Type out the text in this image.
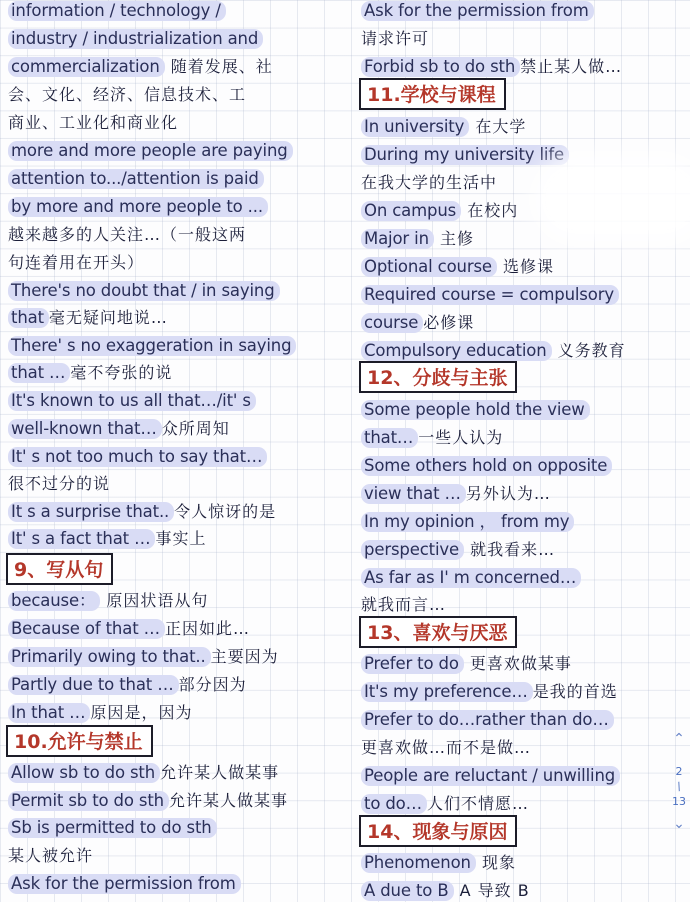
information / technology /
industry / industrialization and
commercialization 随着发展、社
会、文化、经济、信息技术、工
商业、工业化和商业化
more and more people are paying
attention to.../attention is paid
by more and more people to ...
越来越多的人关注…（一般这两
句连着用在开头）
There's no doubt that / in saying
that 毫无疑问地说…
There' s no exaggeration in saying
that … 毫不夸张的说
It's known to us all that…/it' s
well-known that… 众所周知
It' s not too much to say that…
很不过分的说
It s a surprise that.. 令人惊讶的是
It' s a fact that … 事实上
9、写从句
because： 原因状语从句
Because of that … 正因如此…
Primarily owing to that.. 主要因为
Partly due to that … 部分因为
In that … 原因是，因为
10.允许与禁止
Allow sb to do sth 允许某人做某事
Permit sb to do sth 允许某人做某事
Sb is permitted to do sth
某人被允许
Ask for the permission from
Ask for the permission from
请求许可
Forbid sb to do sth 禁止某人做…
11.学校与课程
In university 在大学
During my university life
在我大学的生活中
On campus 在校内
Major in 主修
Optional course 选修课
Required course = compulsory
course 必修课
Compulsory education 义务教育
12、分歧与主张
Some people hold the view
that… 一些人认为
Some others hold on opposite
view that … 另外认为…
In my opinion ， from my
perspective 就我看来…
As far as I' m concerned…
就我而言…
13、喜欢与厌恶
Prefer to do 更喜欢做某事
It's my preference… 是我的首选
Prefer to do…rather than do…
更喜欢做…而不是做…
People are reluctant / unwilling
to do… 人们不情愿…
14、现象与原因
Phenomenon 现象
A due to B A 导致 B
⌃
2
/
13
⌄
